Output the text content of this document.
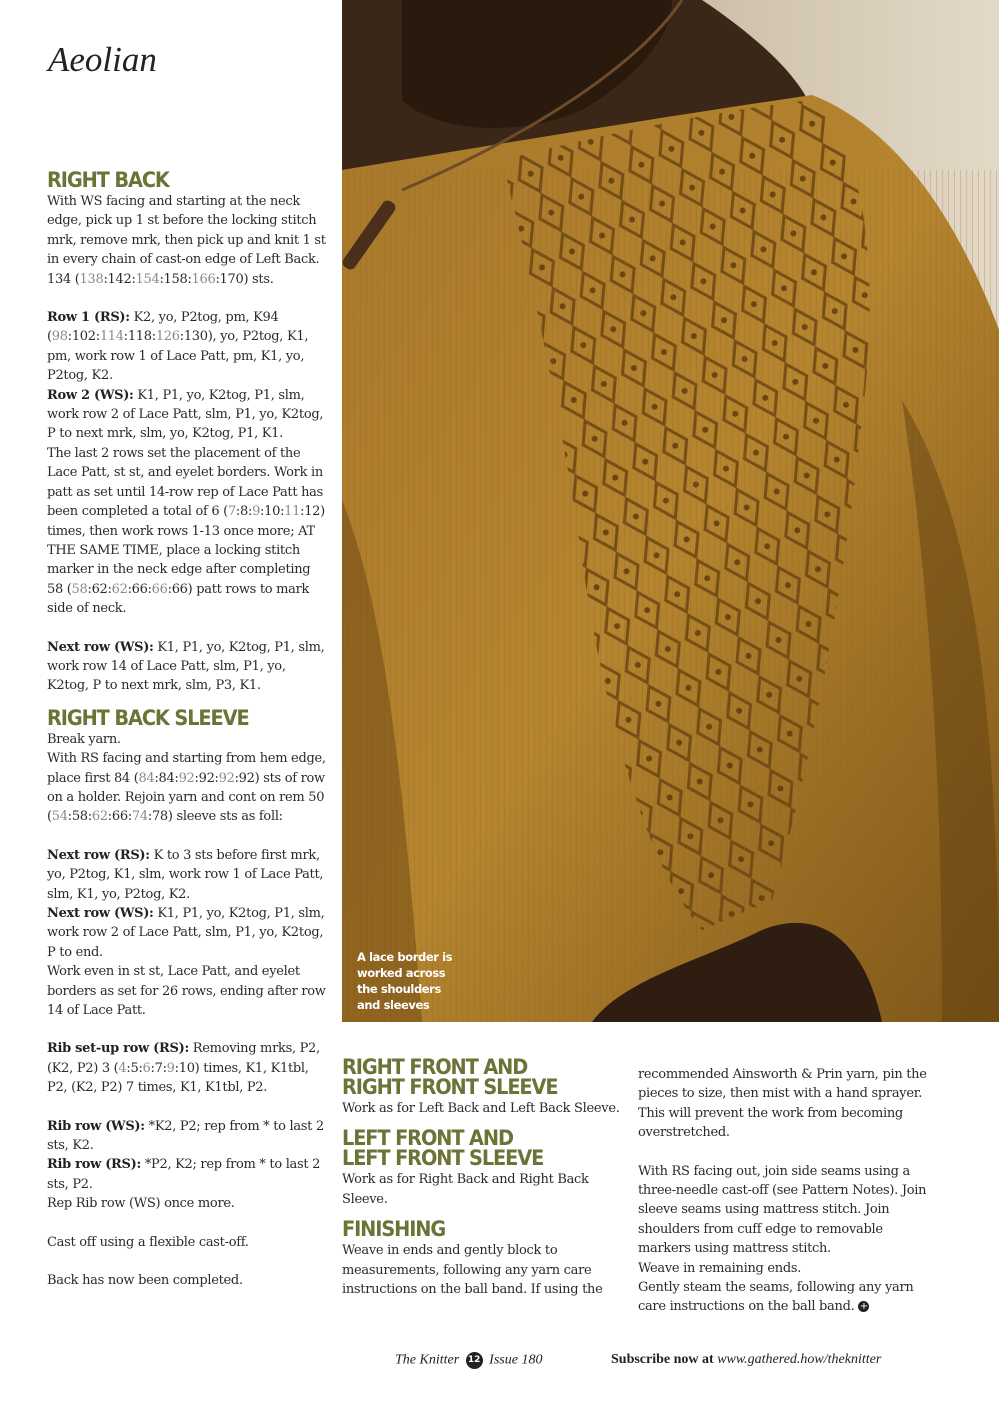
Aeolian
RIGHT BACK

With WS facing and starting at the neck edge, pick up 1 st before the locking stitch mrk, remove mrk, then pick up and knit 1 st in every chain of cast-on edge of Left Back.

134 (138:142:154:158:166:170) sts.

Row 1 (RS): K2, yo, P2tog, pm, K94 (98:102:114:118:126:130), yo, P2tog, K1, pm, work row 1 of Lace Patt, pm, K1, yo, P2tog, K2.

Row 2 (WS): K1, P1, yo, K2tog, P1, slm, work row 2 of Lace Patt, slm, P1, yo, K2tog, P to next mrk, slm, yo, K2tog, P1, K1.

The last 2 rows set the placement of the Lace Patt, st st, and eyelet borders. Work in patt as set until 14-row rep of Lace Patt has been completed a total of 6 (7:8:9:10:11:12) times, then work rows 1-13 once more; AT THE SAME TIME, place a locking stitch marker in the neck edge after completing 58 (58:62:62:66:66:66) patt rows to mark side of neck.

Next row (WS): K1, P1, yo, K2tog, P1, slm, work row 14 of Lace Patt, slm, P1, yo, K2tog, P to next mrk, slm, P3, K1.

RIGHT BACK SLEEVE

Break yarn.

With RS facing and starting from hem edge, place first 84 (84:84:92:92:92:92) sts of row on a holder. Rejoin yarn and cont on rem 50 (54:58:62:66:74:78) sleeve sts as foll:

Next row (RS): K to 3 sts before first mrk, yo, P2tog, K1, slm, work row 1 of Lace Patt, slm, K1, yo, P2tog, K2.

Next row (WS): K1, P1, yo, K2tog, P1, slm, work row 2 of Lace Patt, slm, P1, yo, K2tog, P to end.

Work even in st st, Lace Patt, and eyelet borders as set for 26 rows, ending after row 14 of Lace Patt.

Rib set-up row (RS): Removing mrks, P2, (K2, P2) 3 (4:5:6:7:9:10) times, K1, K1tbl, P2, (K2, P2) 7 times, K1, K1tbl, P2.

Rib row (WS): *K2, P2; rep from * to last 2 sts, K2.

Rib row (RS): *P2, K2; rep from * to last 2 sts, P2.

Rep Rib row (WS) once more.

Cast off using a flexible cast-off.

Back has now been completed.

A lace border is worked across the shoulders and sleeves
RIGHT FRONT AND
RIGHT FRONT SLEEVE

Work as for Left Back and Left Back Sleeve.

LEFT FRONT AND
LEFT FRONT SLEEVE

Work as for Right Back and Right Back Sleeve.

FINISHING

Weave in ends and gently block to measurements, following any yarn care instructions on the ball band. If using the

recommended Ainsworth & Prin yarn, pin the pieces to size, then mist with a hand sprayer. This will prevent the work from becoming overstretched.

With RS facing out, join side seams using a three-needle cast-off (see Pattern Notes). Join sleeve seams using mattress stitch. Join shoulders from cuff edge to removable markers using mattress stitch.

Weave in remaining ends.

Gently steam the seams, following any yarn care instructions on the ball band. +

The Knitter 12 Issue 180	Subscribe now at www.gathered.how/theknitter
